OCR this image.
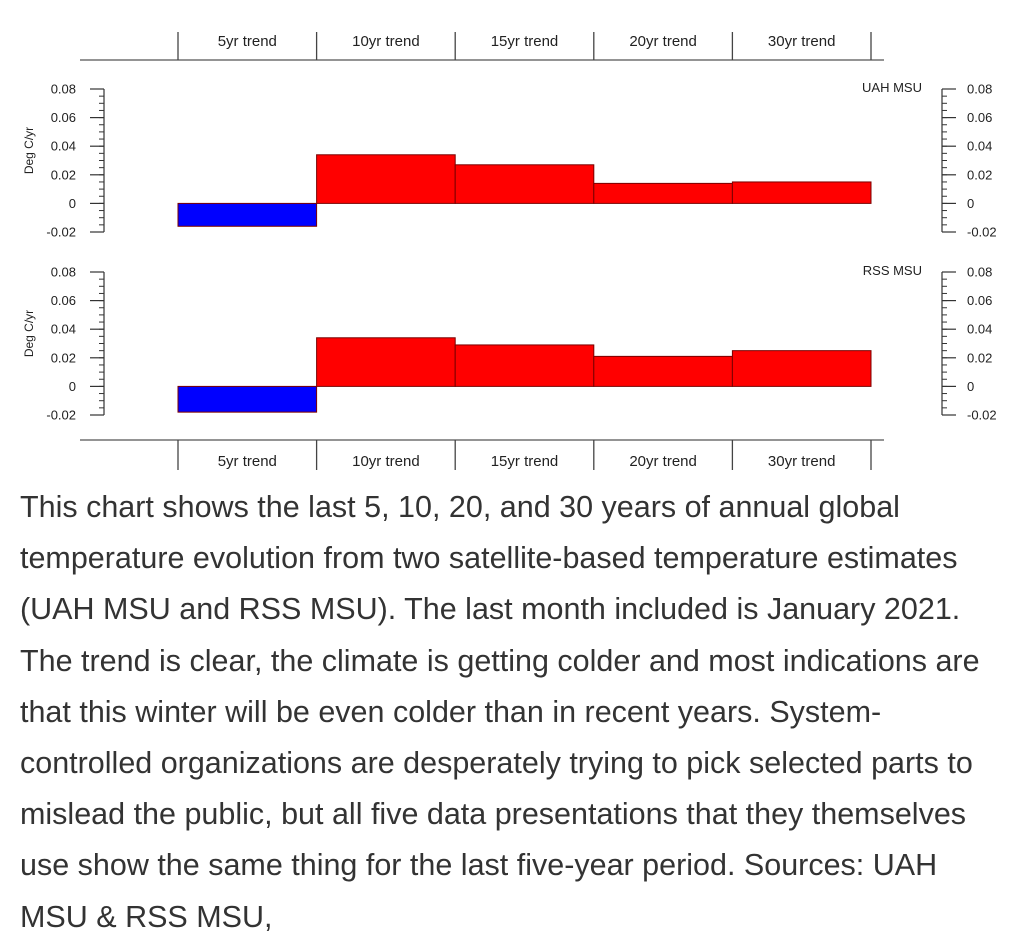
5yr trend	10yr trend	15yr trend	20yr trend	30yr trend
0.08	0.08
0.06	0.06
0.04	0.04
0.02	0.02
0	0
-0.02	-0.02
Deg C/yr
UAH MSU
0.08	0.08
0.06	0.06
0.04	0.04
0.02	0.02
0	0
-0.02	-0.02
Deg C/yr
RSS MSU
5yr trend	10yr trend	15yr trend	20yr trend	30yr trend

This chart shows the last 5, 10, 20, and 30 years of annual global temperature evolution from two satellite-based temperature estimates (UAH MSU and RSS MSU). The last month included is January 2021. The trend is clear, the climate is getting colder and most indications are that this winter will be even colder than in recent years. System-controlled organizations are desperately trying to pick selected parts to mislead the public, but all five data presentations that they themselves use show the same thing for the last five-year period. Sources: UAH MSU & RSS MSU,
